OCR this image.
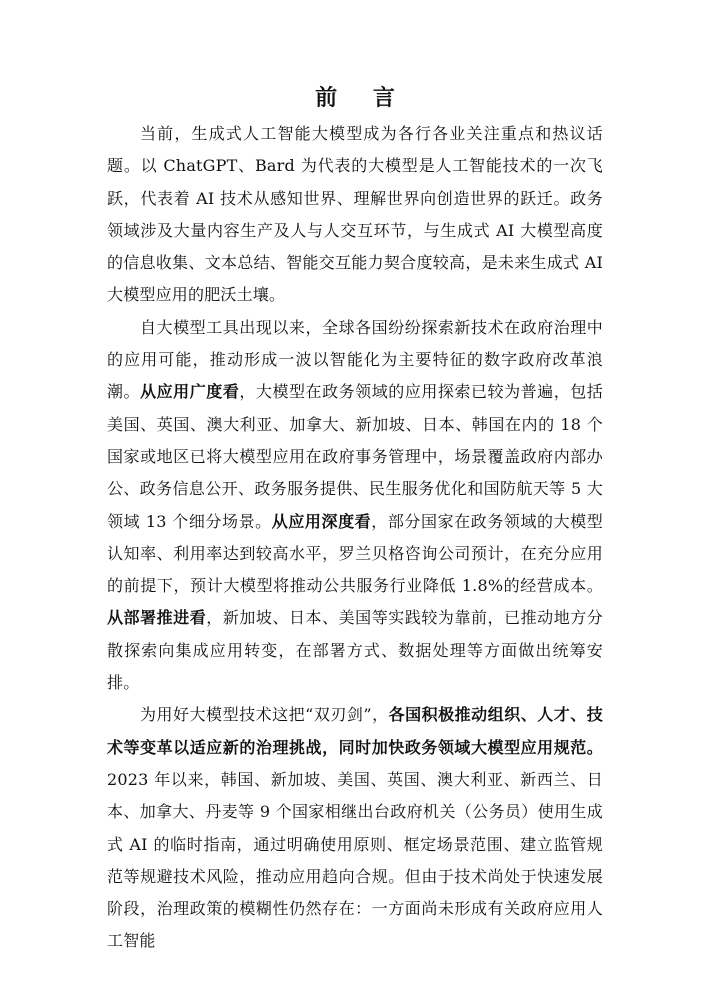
前 言

当前，生成式人工智能大模型成为各行各业关注重点和热议话题。以 ChatGPT、Bard 为代表的大模型是人工智能技术的一次飞跃，代表着 AI 技术从感知世界、理解世界向创造世界的跃迁。政务领域涉及大量内容生产及人与人交互环节，与生成式 AI 大模型高度的信息收集、文本总结、智能交互能力契合度较高，是未来生成式 AI 大模型应用的肥沃土壤。

自大模型工具出现以来，全球各国纷纷探索新技术在政府治理中的应用可能，推动形成一波以智能化为主要特征的数字政府改革浪潮。从应用广度看，大模型在政务领域的应用探索已较为普遍，包括美国、英国、澳大利亚、加拿大、新加坡、日本、韩国在内的 18 个国家或地区已将大模型应用在政府事务管理中，场景覆盖政府内部办公、政务信息公开、政务服务提供、民生服务优化和国防航天等 5 大领域 13 个细分场景。从应用深度看，部分国家在政务领域的大模型认知率、利用率达到较高水平，罗兰贝格咨询公司预计，在充分应用的前提下，预计大模型将推动公共服务行业降低 1.8%的经营成本。从部署推进看，新加坡、日本、美国等实践较为靠前，已推动地方分散探索向集成应用转变，在部署方式、数据处理等方面做出统筹安排。

为用好大模型技术这把“双刃剑”，各国积极推动组织、人才、技术等变革以适应新的治理挑战，同时加快政务领域大模型应用规范。2023 年以来，韩国、新加坡、美国、英国、澳大利亚、新西兰、日本、加拿大、丹麦等 9 个国家相继出台政府机关（公务员）使用生成式 AI 的临时指南，通过明确使用原则、框定场景范围、建立监管规范等规避技术风险，推动应用趋向合规。但由于技术尚处于快速发展阶段，治理政策的模糊性仍然存在：一方面尚未形成有关政府应用人工智能
